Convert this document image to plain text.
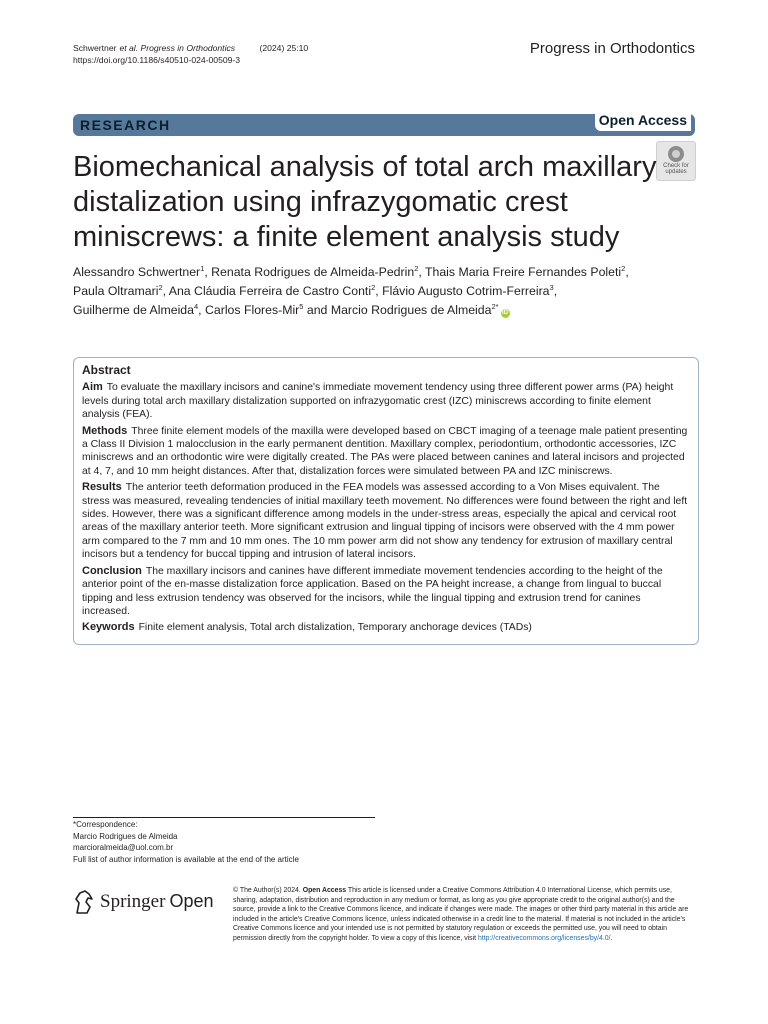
Schwertner et al. Progress in Orthodontics	(2024) 25:10
https://doi.org/10.1186/s40510-024-00509-3
Progress in Orthodontics
RESEARCH	Open Access
Check for
updates
Biomechanical analysis of total arch maxillary distalization using infrazygomatic crest miniscrews: a finite element analysis study
Alessandro Schwertner$^1$, Renata Rodrigues de Almeida-Pedrin$^2$, Thais Maria Freire Fernandes Poleti$^2$,
Paula Oltramari$^2$, Ana Cláudia Ferreira de Castro Conti$^2$, Flávio Augusto Cotrim-Ferreira$^3$,
Guilherme de Almeida$^4$, Carlos Flores-Mir$^5$ and Marcio Rodrigues de Almeida$^{2*}$iD
Abstract

Aim To evaluate the maxillary incisors and canine's immediate movement tendency using three different power arms (PA) height levels during total arch maxillary distalization supported on infrazygomatic crest (IZC) miniscrews according to finite element analysis (FEA).

Methods Three finite element models of the maxilla were developed based on CBCT imaging of a teenage male patient presenting a Class II Division 1 malocclusion in the early permanent dentition. Maxillary complex, periodontium, orthodontic accessories, IZC miniscrews and an orthodontic wire were digitally created. The PAs were placed between canines and lateral incisors and projected at 4, 7, and 10 mm height distances. After that, distalization forces were simulated between PA and IZC miniscrews.

Results The anterior teeth deformation produced in the FEA models was assessed according to a Von Mises equivalent. The stress was measured, revealing tendencies of initial maxillary teeth movement. No differences were found between the right and left sides. However, there was a significant difference among models in the under-stress areas, especially the apical and cervical root areas of the maxillary anterior teeth. More significant extrusion and lingual tipping of incisors were observed with the 4 mm power arm compared to the 7 mm and 10 mm ones. The 10 mm power arm did not show any tendency for extrusion of maxillary central incisors but a tendency for buccal tipping and intrusion of lateral incisors.

Conclusion The maxillary incisors and canines have different immediate movement tendencies according to the height of the anterior point of the en-masse distalization force application. Based on the PA height increase, a change from lingual to buccal tipping and less extrusion tendency was observed for the incisors, while the lingual tipping and extrusion trend for canines increased.

Keywords Finite element analysis, Total arch distalization, Temporary anchorage devices (TADs)

*Correspondence:
Marcio Rodrigues de Almeida
marcioralmeida@uol.com.br
Full list of author information is available at the end of the article
Springer Open
© The Author(s) 2024. Open Access This article is licensed under a Creative Commons Attribution 4.0 International License, which permits use, sharing, adaptation, distribution and reproduction in any medium or format, as long as you give appropriate credit to the original author(s) and the source, provide a link to the Creative Commons licence, and indicate if changes were made. The images or other third party material in this article are included in the article's Creative Commons licence, unless indicated otherwise in a credit line to the material. If material is not included in the article's Creative Commons licence and your intended use is not permitted by statutory regulation or exceeds the permitted use, you will need to obtain permission directly from the copyright holder. To view a copy of this licence, visit http://creativecommons.org/licenses/by/4.0/.
